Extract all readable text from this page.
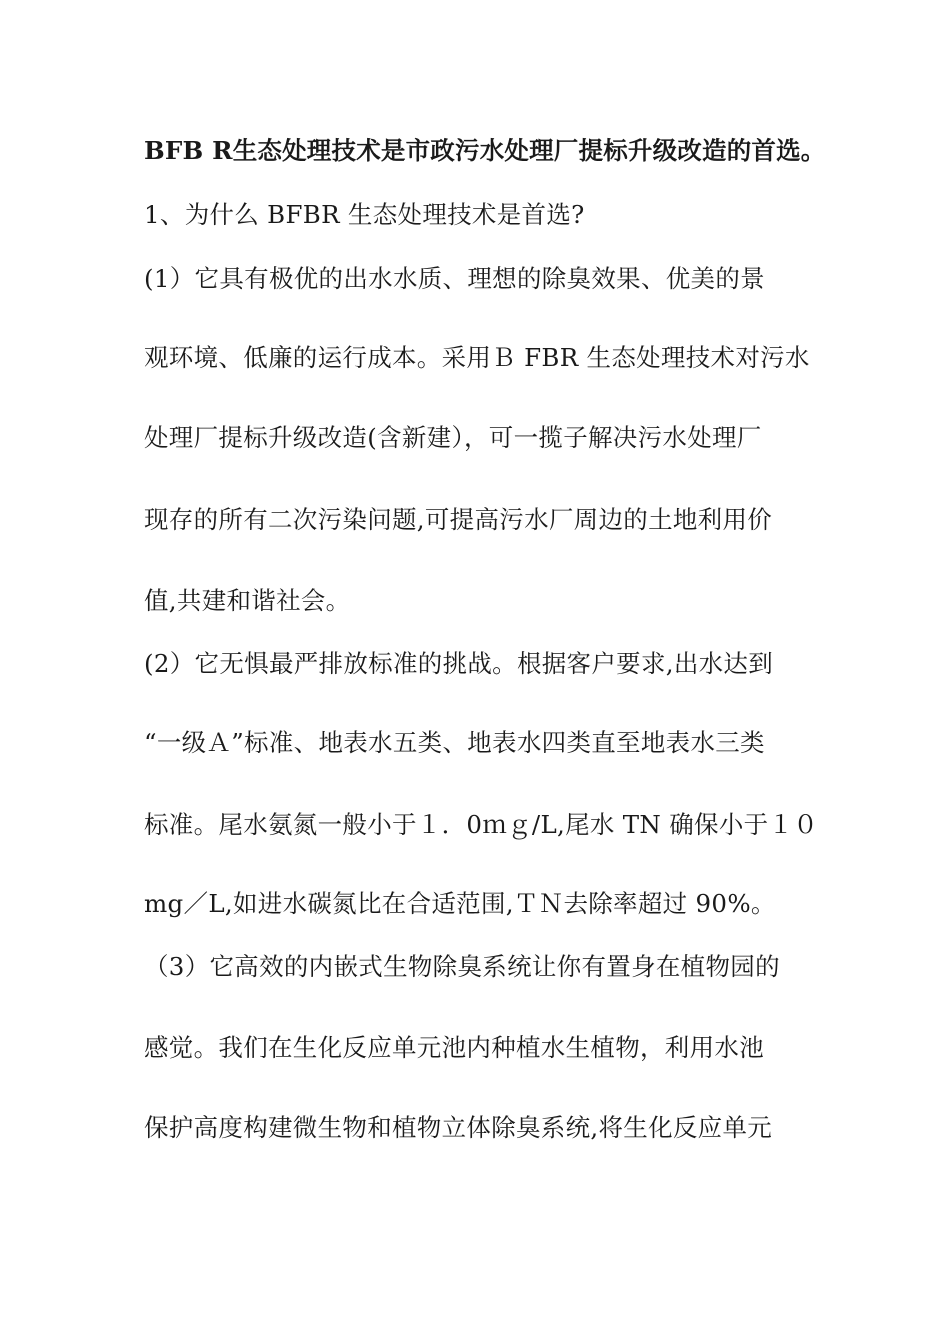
BFB R生态处理技术是市政污水处理厂提标升级改造的首选。
1、为什么 BFBR 生态处理技术是首选?
(1）它具有极优的出水水质、理想的除臭效果、优美的景
观环境、低廉的运行成本。采用Ｂ FBR 生态处理技术对污水
处理厂提标升级改造(含新建），可一揽子解决污水处理厂
现存的所有二次污染问题,可提高污水厂周边的土地利用价
值,共建和谐社会。
(2）它无惧最严排放标准的挑战。根据客户要求,出水达到
“一级Ａ”标准、地表水五类、地表水四类直至地表水三类
标准。尾水氨氮一般小于１．0ｍｇ/L,尾水 TN 确保小于１０
mg／L,如进水碳氮比在合适范围,ＴＮ去除率超过 90%。
（3）它高效的内嵌式生物除臭系统让你有置身在植物园的
感觉。我们在生化反应单元池内种植水生植物，利用水池
保护高度构建微生物和植物立体除臭系统,将生化反应单元
